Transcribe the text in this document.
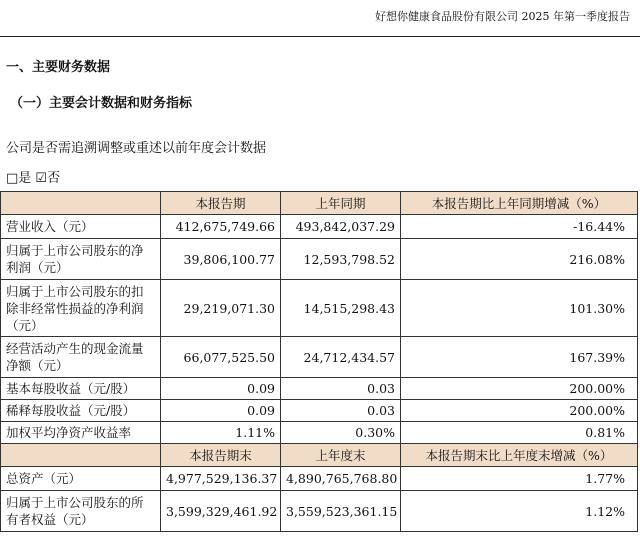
好想你健康食品股份有限公司 2025 年第一季度报告
一、主要财务数据
（一）主要会计数据和财务指标
公司是否需追溯调整或重述以前年度会计数据
□是 ☑否
	本报告期	上年同期	本报告期比上年同期增减（%）
营业收入（元）	412,675,749.66	493,842,037.29	-16.44%
归属于上市公司股东的净利润（元）	39,806,100.77	12,593,798.52	216.08%
归属于上市公司股东的扣除非经常性损益的净利润（元）	29,219,071.30	14,515,298.43	101.30%
经营活动产生的现金流量净额（元）	66,077,525.50	24,712,434.57	167.39%
基本每股收益（元/股）	0.09	0.03	200.00%
稀释每股收益（元/股）	0.09	0.03	200.00%
加权平均净资产收益率	1.11%	0.30%	0.81%
	本报告期末	上年度末	本报告期末比上年度末增减（%）
总资产（元）	4,977,529,136.37	4,890,765,768.80	1.77%
归属于上市公司股东的所有者权益（元）	3,599,329,461.92	3,559,523,361.15	1.12%
